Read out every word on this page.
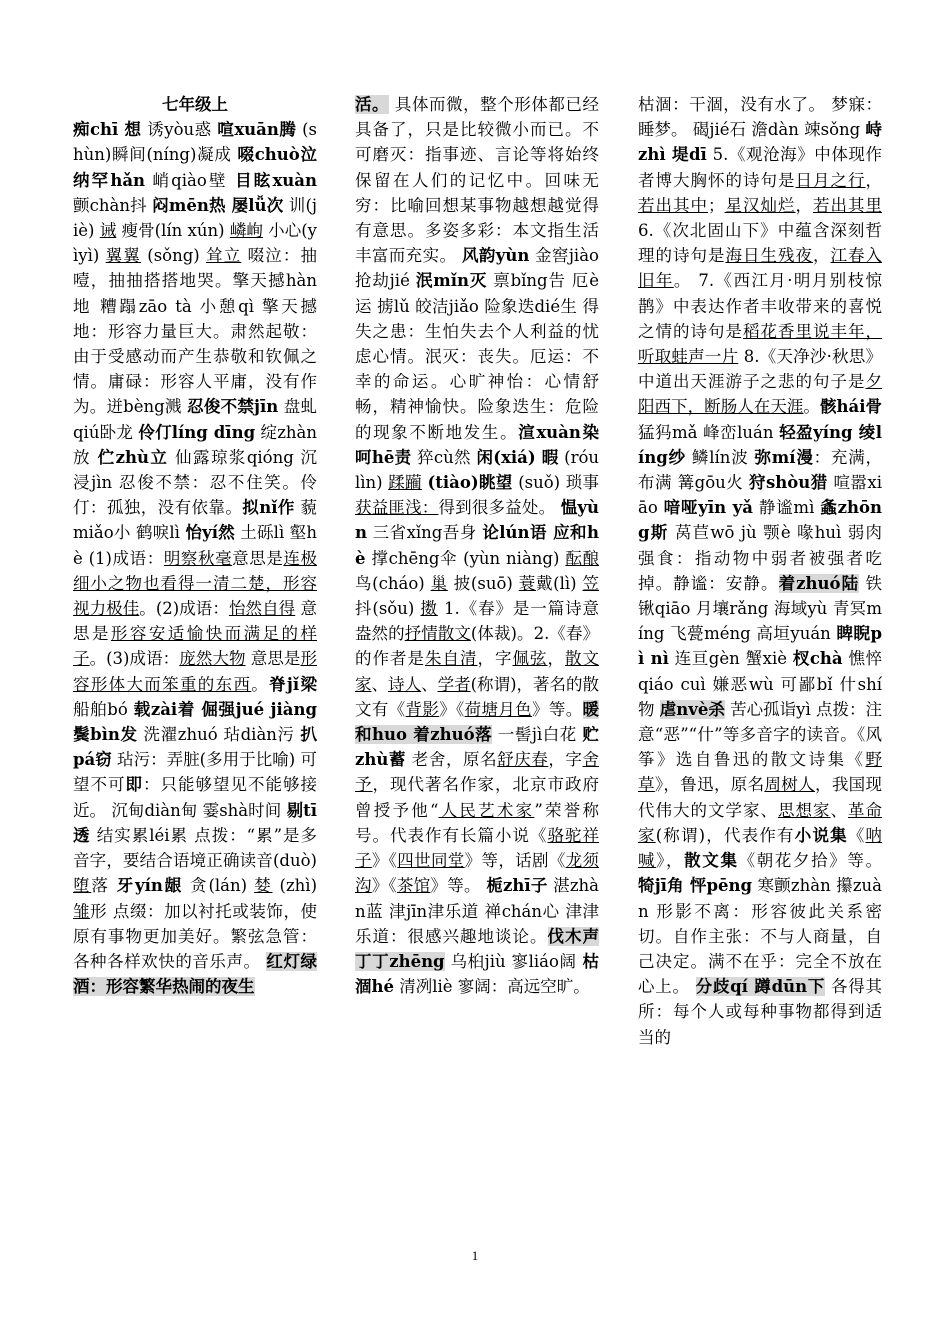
七年级上
痴chī 想 诱yòu惑 喧xuān腾 (shùn)瞬间(níng)凝成 啜chuò泣 纳罕hǎn 峭qiào壁 目眩xuàn 颤chàn抖 闷mēn热 屡lǚ次 训(jiè) 诫 瘦骨(lín xún) 嶙峋 小心(yìyì) 翼翼 (sǒng) 耸立 啜泣：抽噎，抽抽搭搭地哭。擎天撼hàn地 糟蹋zāo tà 小憩qì 擎天撼地：形容力量巨大。肃然起敬：由于受感动而产生恭敬和钦佩之情。庸碌：形容人平庸，没有作为。迸bèng溅 忍俊不禁jīn 盘虬qiú卧龙 伶仃líng dīng 绽zhàn放 伫zhù立 仙露琼浆qióng 沉浸jìn 忍俊不禁：忍不住笑。伶仃：孤独，没有依靠。拟nǐ作 藐miǎo小 鹤唳lì 怡yí然 土砾lì 壑hè (1)成语：明察秋毫意思是连极细小之物也看得一清二楚，形容视力极佳。(2)成语：怡然自得 意思是形容安适愉快而满足的样子。(3)成语：庞然大物 意思是形容形体大而笨重的东西。脊jǐ梁 船舶bó 载zài着 倔强jué jiàng 鬓bìn发 洗濯zhuó 玷diàn污 扒pá窃 玷污：弄脏(多用于比喻) 可望不可即：只能够望见不能够接近。 沉甸diàn甸 霎shà时间 剔tī透 结实累léi累 点拨：“累”是多音字，要结合语境正确读音(duò) 堕落 牙yín龈 贪(lán) 婪 (zhì) 雏形 点缀：加以衬托或装饰，使原有事物更加美好。繁弦急管：各种各样欢快的音乐声。 红灯绿酒：形容繁华热闹的夜生

活。 具体而微，整个形体都已经具备了，只是比较微小而已。不可磨灭：指事迹、言论等将始终保留在人们的记忆中。回味无穷：比喻回想某事物越想越觉得有意思。多姿多彩：本文指生活丰富而充实。 风韵yùn 金窖jiào 抢劫jié 泯mǐn灭 禀bǐng告 厄è运 掳lǔ 皎洁jiǎo 险象迭dié生 得失之患：生怕失去个人利益的忧虑心情。泯灭：丧失。厄运：不幸的命运。心旷神怡：心情舒畅，精神愉快。险象迭生：危险的现象不断地发生。渲xuàn染 呵hē责 猝cù然 闲(xiá) 暇 (róu lìn) 蹂躏 (tiào)眺望 (suǒ) 琐事 获益匪浅：得到很多益处。 愠yùn 三省xǐng吾身 论lún语 应和hè 撑chēng伞 (yùn niàng) 酝酿 鸟(cháo) 巢 披(suō) 蓑戴(lì) 笠 抖(sǒu) 擞 1.《春》是一篇诗意盎然的抒情散文(体裁)。2.《春》的作者是朱自清，字佩弦，散文家、诗人、学者(称谓)，著名的散文有《背影》《荷塘月色》等。暖和huo 着zhuó落 一髻jì白花 贮zhù蓄 老舍，原名舒庆春，字舍予，现代著名作家，北京市政府曾授予他“人民艺术家”荣誉称号。代表作有长篇小说《骆驼祥子》《四世同堂》等，话剧《龙须沟》《茶馆》等。 栀zhī子 湛zhàn蓝 津jīn津乐道 禅chán心 津津乐道：很感兴趣地谈论。伐木声丁丁zhēng 乌桕jiù 寥liáo阔 枯涸hé 清冽liè 寥阔：高远空旷。

枯涸：干涸，没有水了。 梦寐：睡梦。 碣jié石 澹dàn 竦sǒng 峙zhì 堤dī 5.《观沧海》中体现作者博大胸怀的诗句是日月之行，若出其中；星汉灿烂，若出其里 6.《次北固山下》中蕴含深刻哲理的诗句是海日生残夜，江春入旧年。 7.《西江月·明月别枝惊鹊》中表达作者丰收带来的喜悦之情的诗句是稻花香里说丰年，听取蛙声一片 8.《天净沙·秋思》中道出天涯游子之悲的句子是夕阳西下，断肠人在天涯。骸hái骨 猛犸mǎ 峰峦luán 轻盈yíng 绫líng纱 鳞lín波 弥mí漫：充满，布满 篝gōu火 狩shòu猎 喧嚣xiāo 喑哑yīn yǎ 静谧mì 螽zhōng斯 莴苣wō jù 颚è 喙huì 弱肉强食：指动物中弱者被强者吃掉。静谧：安静。着zhuó陆 铁锹qiāo 月壤rǎng 海域yù 青冥míng 飞甍méng 高垣yuán 睥睨pì nì 连亘gèn 蟹xiè 杈chà 憔悴qiáo cuì 嫌恶wù 可鄙bǐ 什shí物 虐nvè杀 苦心孤诣yì 点拨：注意“恶”“什”等多音字的读音。《风筝》选自鲁迅的散文诗集《野草》，鲁迅，原名周树人，我国现代伟大的文学家、思想家、革命家(称谓)，代表作有小说集《呐喊》，散文集《朝花夕拾》等。 犄jī角 怦pēng 寒颤zhàn 攥zuàn 形影不离：形容彼此关系密切。自作主张：不与人商量，自己决定。满不在乎：完全不放在心上。 分歧qí 蹲dūn下 各得其所：每个人或每种事物都得到适当的

1
